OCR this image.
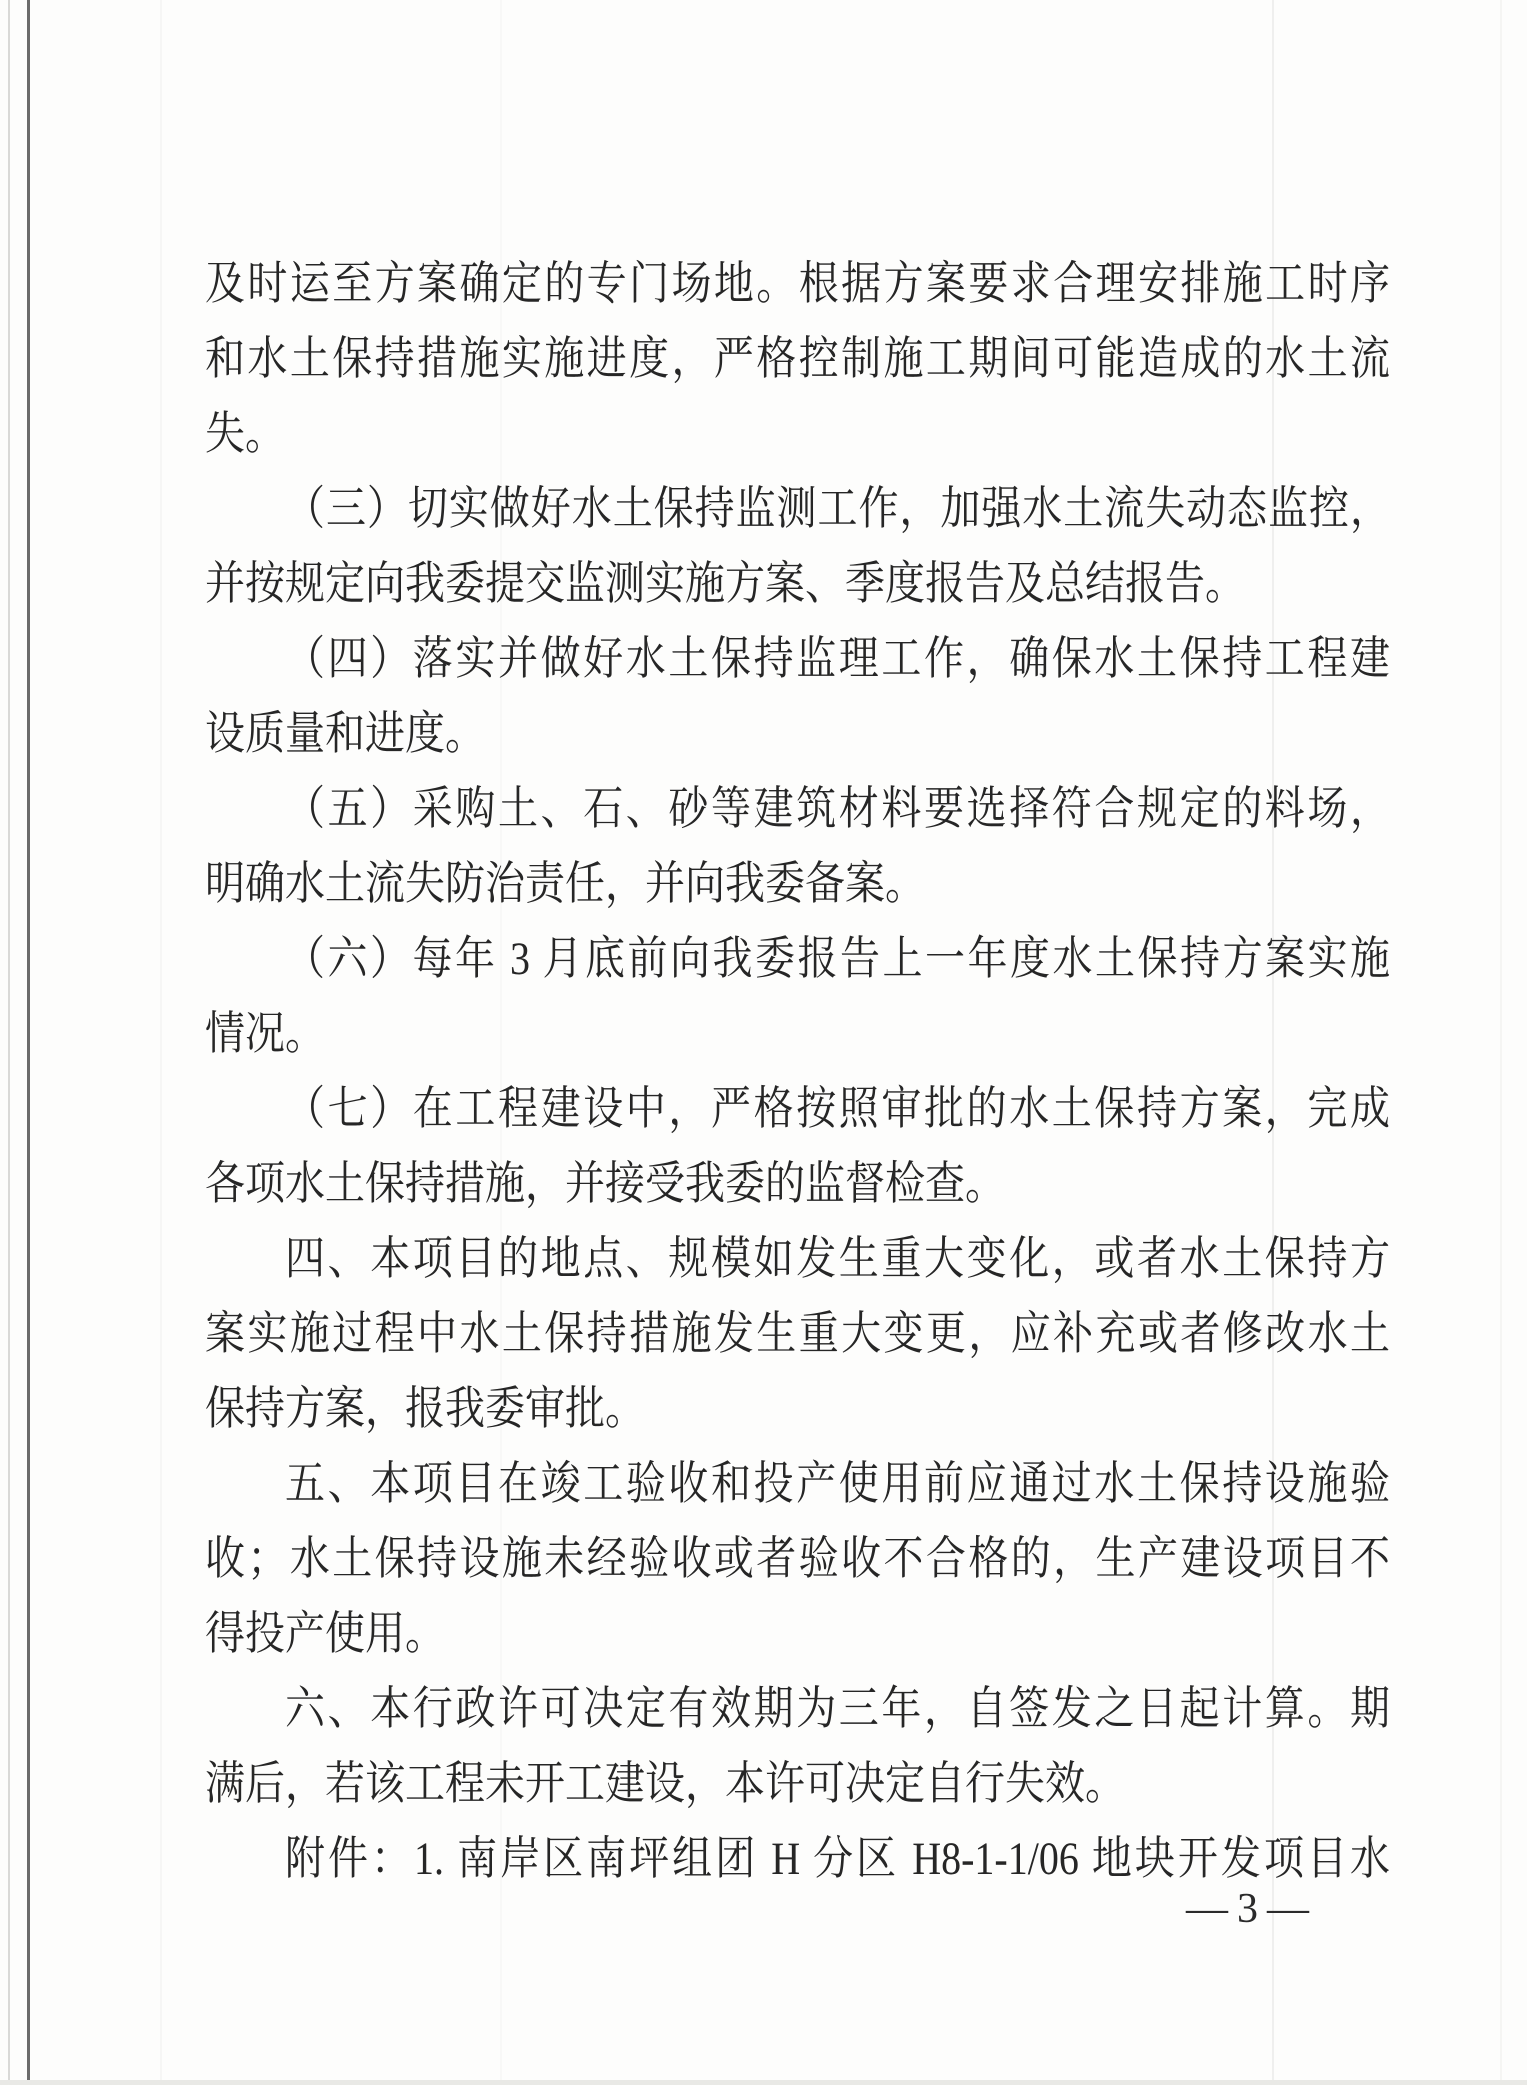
及时运至方案确定的专门场地。根据方案要求合理安排施工时序
和水土保持措施实施进度，严格控制施工期间可能造成的水土流
失。
（三）切实做好水土保持监测工作，加强水土流失动态监控，
并按规定向我委提交监测实施方案、季度报告及总结报告。
（四）落实并做好水土保持监理工作，确保水土保持工程建
设质量和进度。
（五）采购土、石、砂等建筑材料要选择符合规定的料场，
明确水土流失防治责任，并向我委备案。
（六）每年 3 月底前向我委报告上一年度水土保持方案实施
情况。
（七）在工程建设中，严格按照审批的水土保持方案，完成
各项水土保持措施，并接受我委的监督检查。
四、本项目的地点、规模如发生重大变化，或者水土保持方
案实施过程中水土保持措施发生重大变更，应补充或者修改水土
保持方案，报我委审批。
五、本项目在竣工验收和投产使用前应通过水土保持设施验
收；水土保持设施未经验收或者验收不合格的，生产建设项目不
得投产使用。
六、本行政许可决定有效期为三年，自签发之日起计算。期
满后，若该工程未开工建设，本许可决定自行失效。
附件：1. 南岸区南坪组团 H 分区 H8-1-1/06 地块开发项目水
—3—
